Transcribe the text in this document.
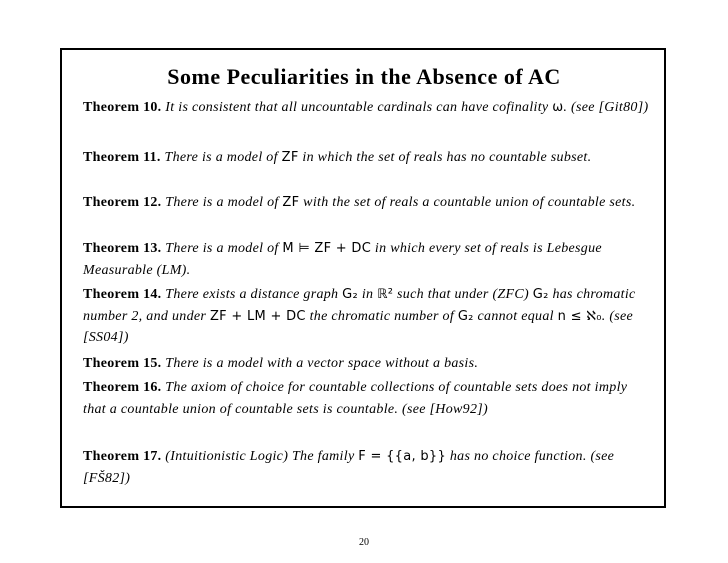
Some Peculiarities in the Absence of AC
Theorem 10. It is consistent that all uncountable cardinals can have cofinality ω. (see [Git80])
Theorem 11. There is a model of ZF in which the set of reals has no countable subset.
Theorem 12. There is a model of ZF with the set of reals a countable union of countable sets.
Theorem 13. There is a model of M ⊨ ZF + DC in which every set of reals is Lebesgue Measurable (LM).
Theorem 14. There exists a distance graph G₂ in ℝ² such that under (ZFC) G₂ has chromatic number 2, and under ZF + LM + DC the chromatic number of G₂ cannot equal n ≤ ℵ₀. (see [SS04])
Theorem 15. There is a model with a vector space without a basis.
Theorem 16. The axiom of choice for countable collections of countable sets does not imply that a countable union of countable sets is countable. (see [How92])
Theorem 17. (Intuitionistic Logic) The family F = {{a, b}} has no choice function. (see [FŠ82])
20
